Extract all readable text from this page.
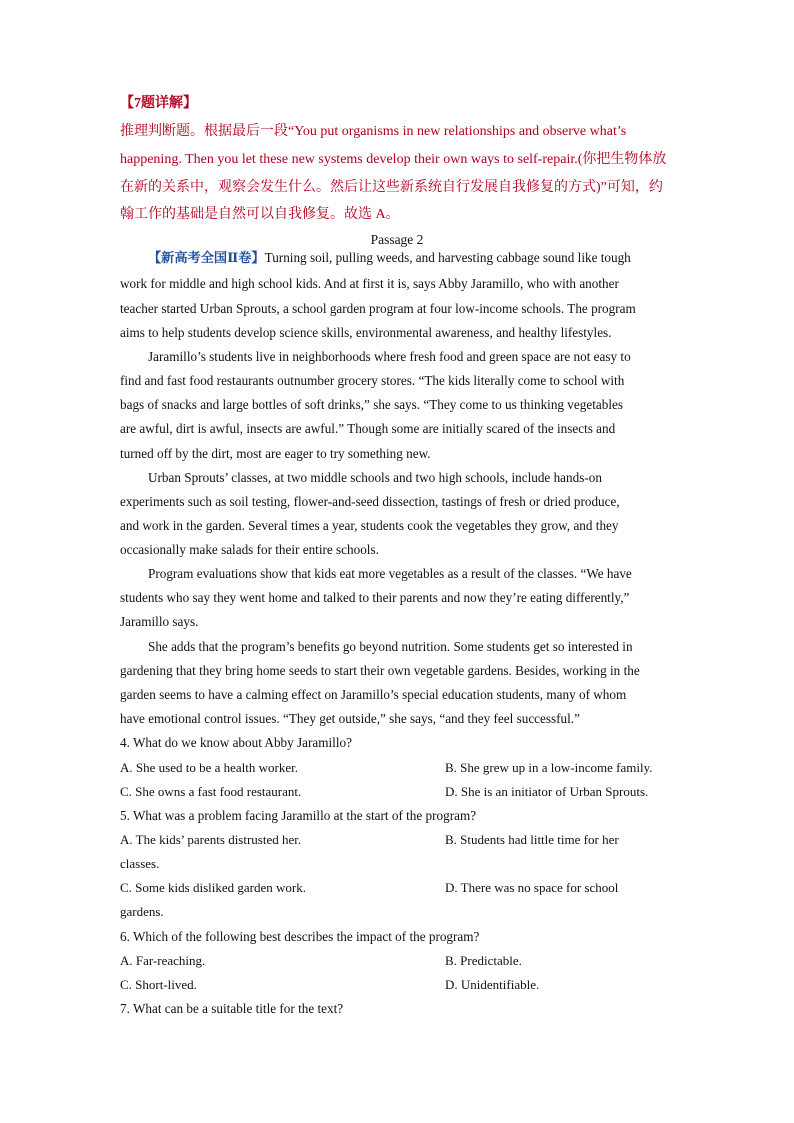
【7题详解】
推理判断题。根据最后一段“You put organisms in new relationships and observe what’s
happening. Then you let these new systems develop their own ways to self-repair.(你把生物体放
在新的关系中，观察会发生什么。然后让这些新系统自行发展自我修复的方式)”可知，约
翰工作的基础是自然可以自我修复。故选 A。
Passage 2
【新高考全国Ⅱ卷】Turning soil, pulling weeds, and harvesting cabbage sound like tough
work for middle and high school kids. And at first it is, says Abby Jaramillo, who with another
teacher started Urban Sprouts, a school garden program at four low-income schools. The program
aims to help students develop science skills, environmental awareness, and healthy lifestyles.
Jaramillo’s students live in neighborhoods where fresh food and green space are not easy to
find and fast food restaurants outnumber grocery stores. “The kids literally come to school with
bags of snacks and large bottles of soft drinks,” she says. “They come to us thinking vegetables
are awful, dirt is awful, insects are awful.” Though some are initially scared of the insects and
turned off by the dirt, most are eager to try something new.
Urban Sprouts’ classes, at two middle schools and two high schools, include hands-on
experiments such as soil testing, flower-and-seed dissection, tastings of fresh or dried produce,
and work in the garden. Several times a year, students cook the vegetables they grow, and they
occasionally make salads for their entire schools.
Program evaluations show that kids eat more vegetables as a result of the classes. “We have
students who say they went home and talked to their parents and now they’re eating differently,”
Jaramillo says.
She adds that the program’s benefits go beyond nutrition. Some students get so interested in
gardening that they bring home seeds to start their own vegetable gardens. Besides, working in the
garden seems to have a calming effect on Jaramillo’s special education students, many of whom
have emotional control issues. “They get outside,” she says, “and they feel successful.”
4. What do we know about Abby Jaramillo?
A. She used to be a health worker.	B. She grew up in a low-income family.
C. She owns a fast food restaurant.	D. She is an initiator of Urban Sprouts.
5. What was a problem facing Jaramillo at the start of the program?
A. The kids’ parents distrusted her.	B. Students had little time for her
classes.
C. Some kids disliked garden work.	D. There was no space for school
gardens.
6. Which of the following best describes the impact of the program?
A. Far-reaching.	B. Predictable.
C. Short-lived.	D. Unidentifiable.
7. What can be a suitable title for the text?
